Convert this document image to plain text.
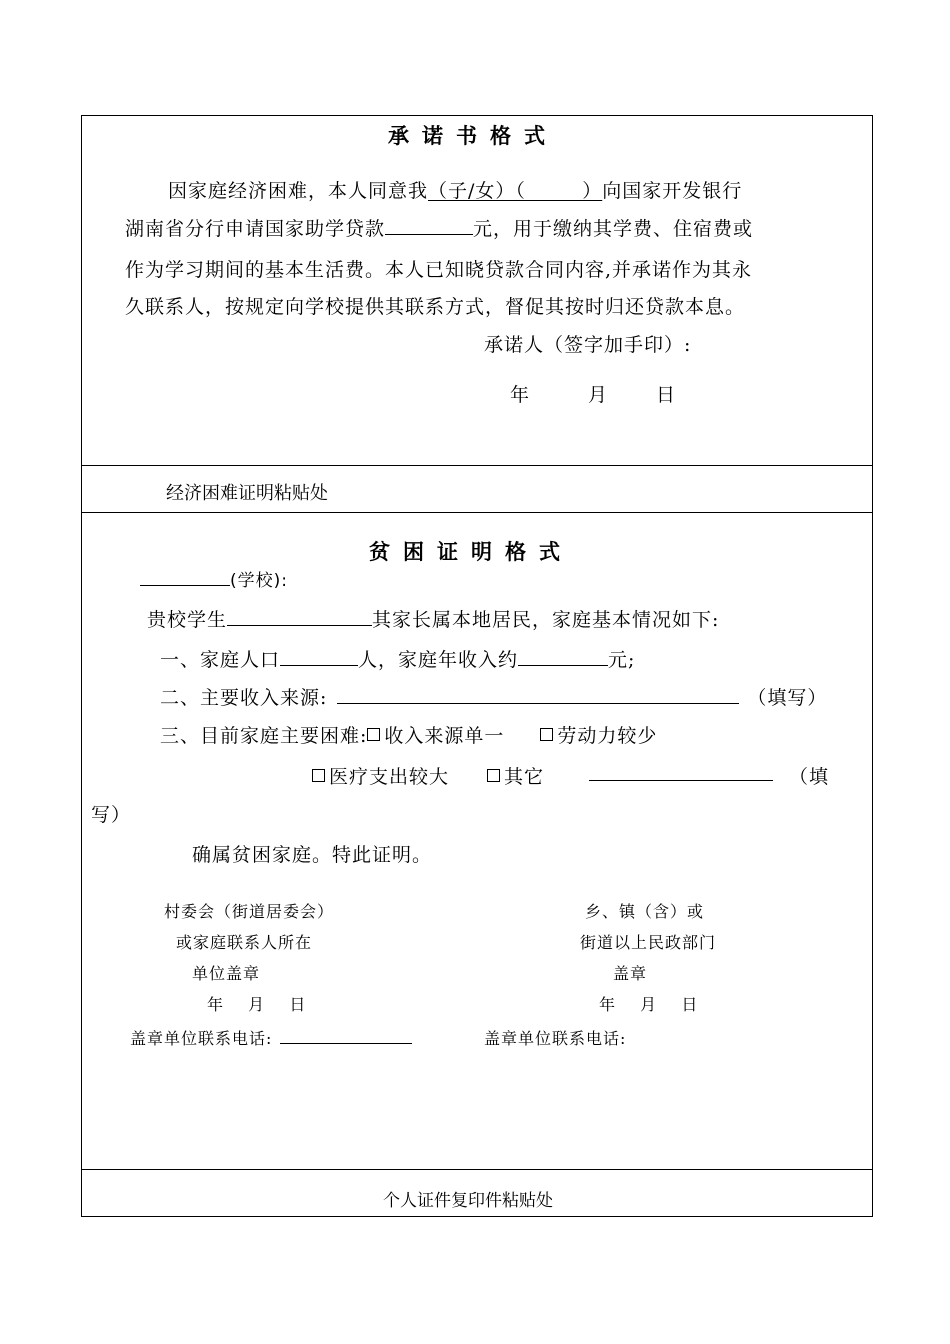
承诺书格式
因家庭经济困难，本人同意我（子/女）（        ）向国家开发银行
湖南省分行申请国家助学贷款	元，用于缴纳其学费、住宿费或
作为学习期间的基本生活费。本人已知晓贷款合同内容,并承诺作为其永
久联系人，按规定向学校提供其联系方式，督促其按时归还贷款本息。
承诺人（签字加手印）:
年	月	日
经济困难证明粘贴处
贫困证明格式
(学校):
贵校学生	其家长属本地居民，家庭基本情况如下:
一、家庭人口	人，家庭年收入约	元;
二、主要收入来源:	（填写）
三、目前家庭主要困难: 收入来源单一	劳动力较少
医疗支出较大	其它	（填
写）
确属贫困家庭。特此证明。
村委会（街道居委会）
或家庭联系人所在
单位盖章
年  月  日
乡、镇（含）或
街道以上民政部门
盖章
年  月  日
盖章单位联系电话:	盖章单位联系电话:
个人证件复印件粘贴处
